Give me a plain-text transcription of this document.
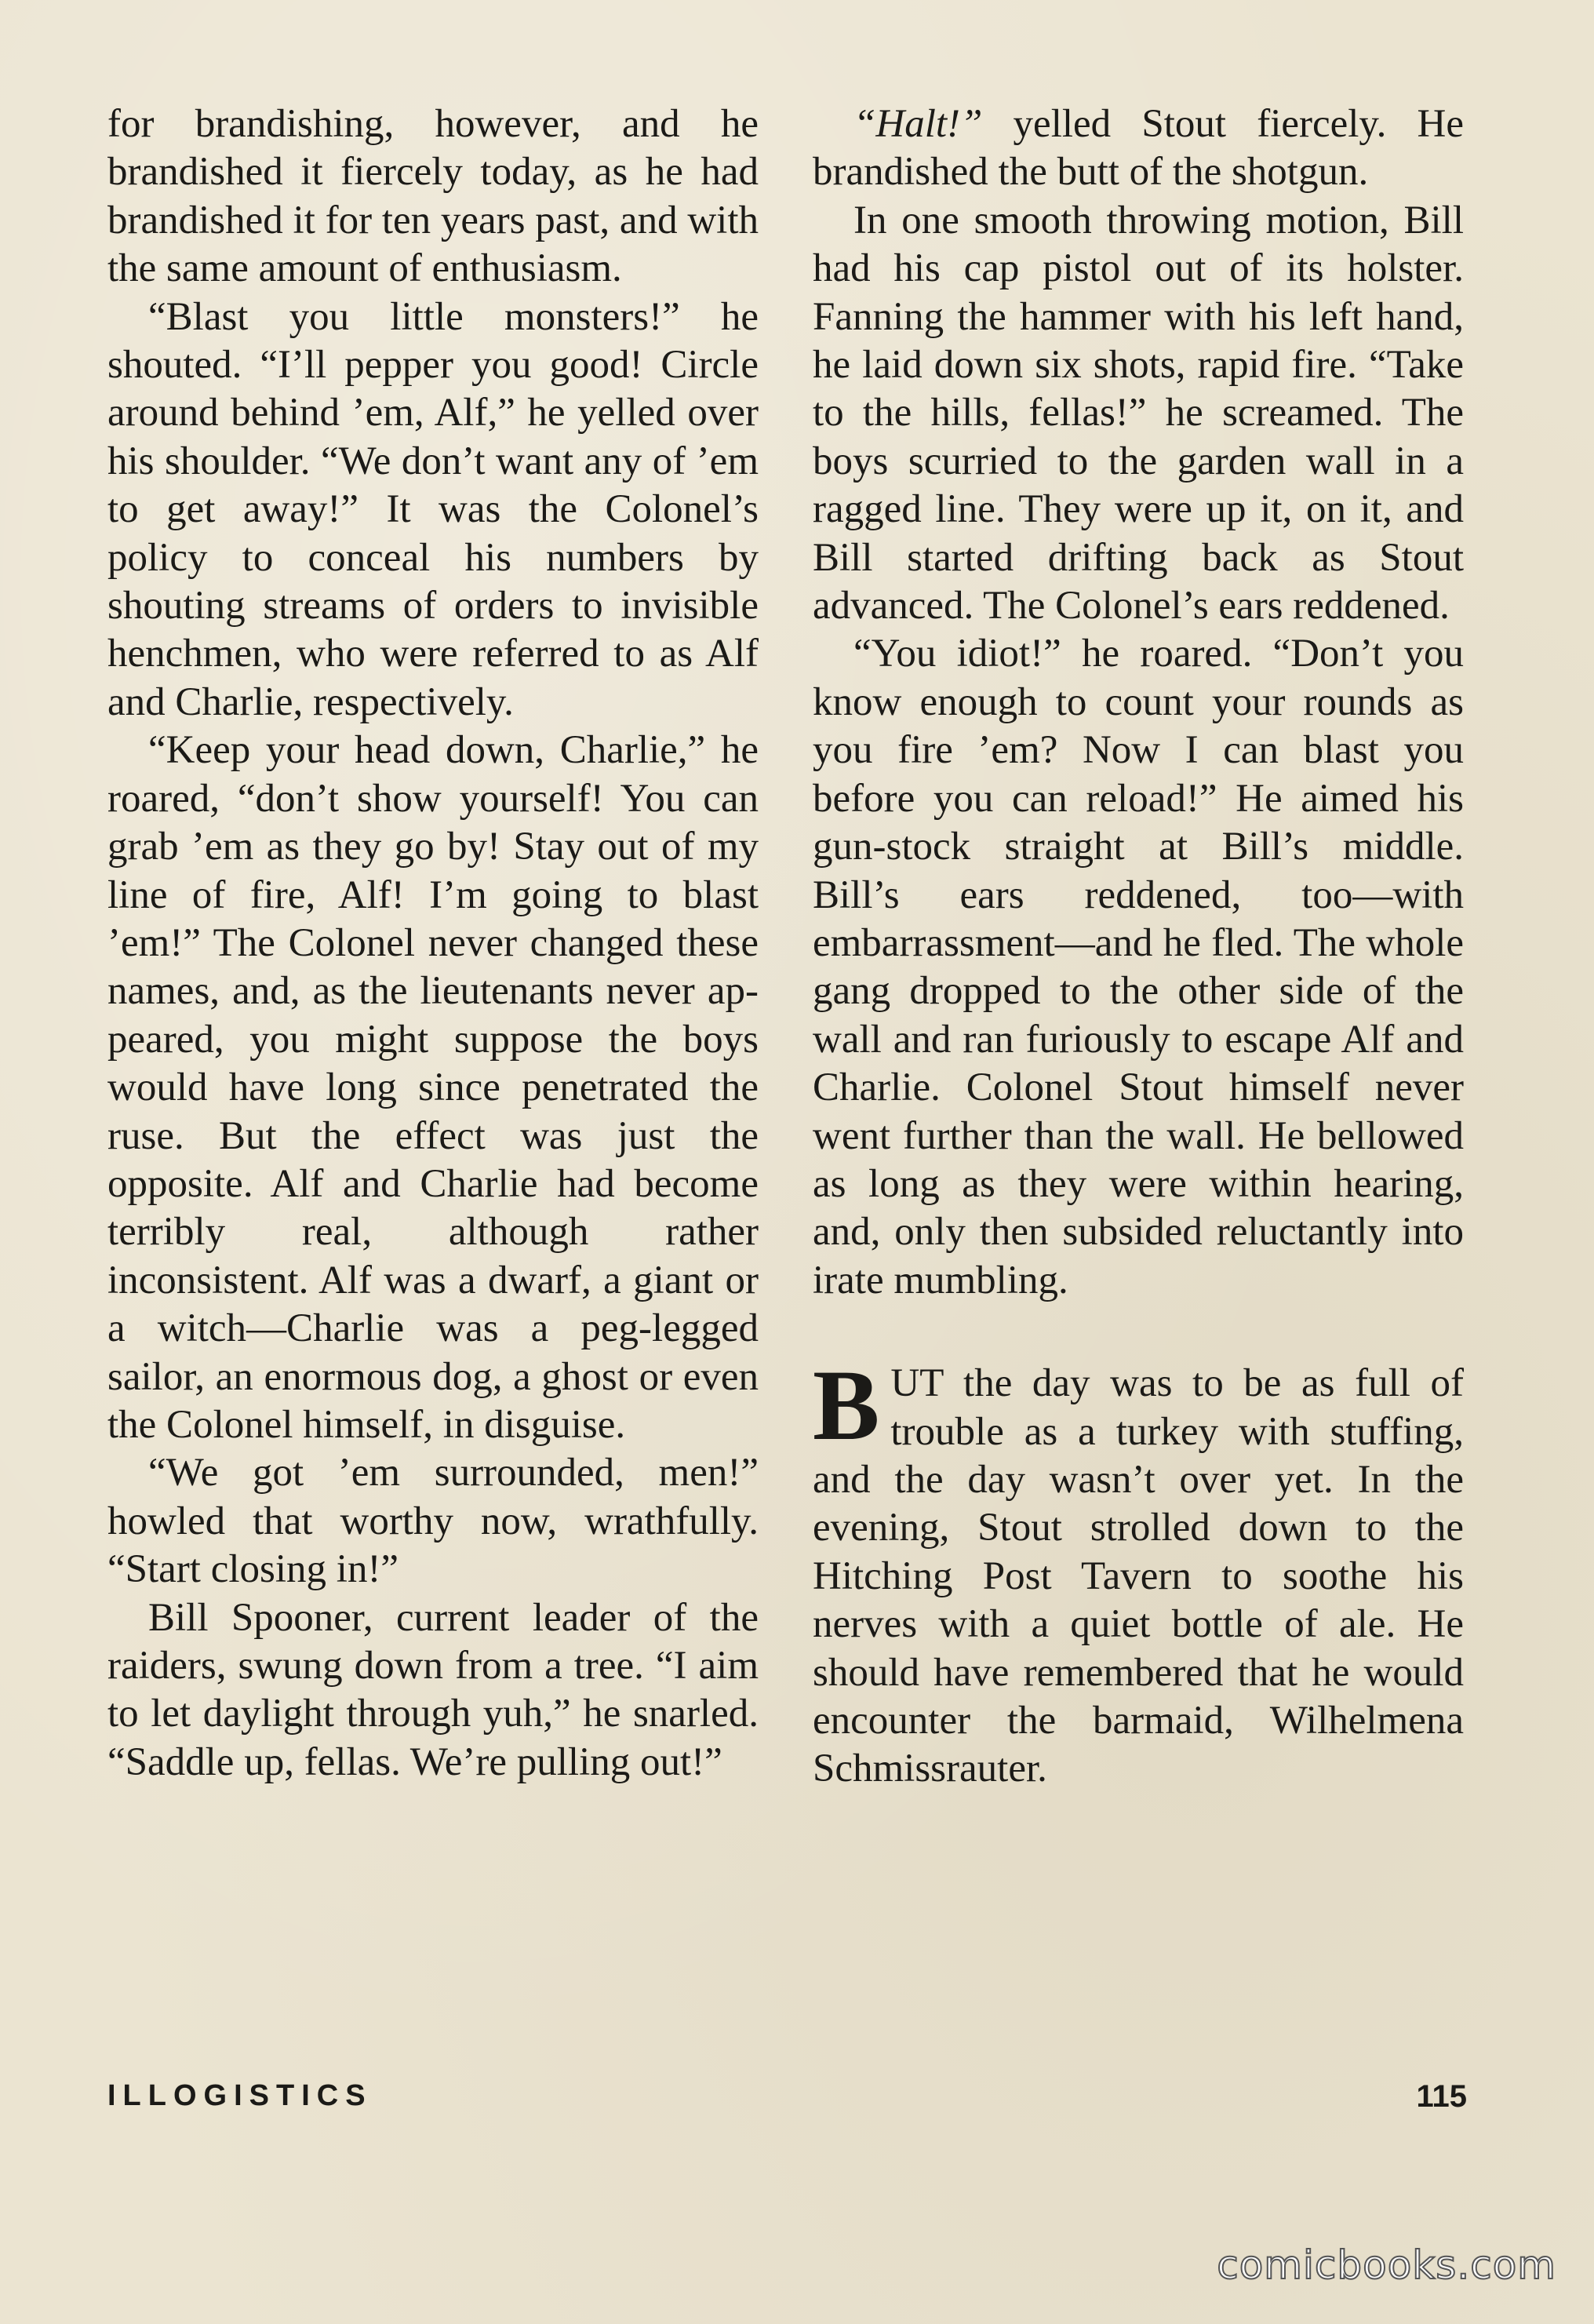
for brandishing, however, and he brandished it fiercely today, as he had brandished it for ten years past, and with the same amount of enthusiasm.

“Blast you little monsters!” he shouted. “I’ll pepper you good! Circle around behind ’em, Alf,” he yelled over his shoulder. “We don’t want any of ’em to get away!” It was the Colonel’s policy to conceal his numbers by shouting streams of orders to invisible henchmen, who were referred to as Alf and Charlie, respectively.

“Keep your head down, Charlie,” he roared, “don’t show yourself! You can grab ’em as they go by! Stay out of my line of fire, Alf! I’m going to blast ’em!” The Colonel never changed these names, and, as the lieutenants never appeared, you might suppose the boys would have long since penetrated the ruse. But the effect was just the opposite. Alf and Charlie had become terribly real, although rather inconsistent. Alf was a dwarf, a giant or a witch—Charlie was a peg-legged sailor, an enormous dog, a ghost or even the Colonel himself, in disguise.

“We got ’em surrounded, men!” howled that worthy now, wrathfully. “Start closing in!”

Bill Spooner, current leader of the raiders, swung down from a tree. “I aim to let daylight through yuh,” he snarled. “Saddle up, fellas. We’re pulling out!”

“Halt!” yelled Stout fiercely. He brandished the butt of the shotgun.

In one smooth throwing motion, Bill had his cap pistol out of its holster. Fanning the hammer with his left hand, he laid down six shots, rapid fire. “Take to the hills, fellas!” he screamed. The boys scurried to the garden wall in a ragged line. They were up it, on it, and Bill started drifting back as Stout advanced. The Colonel’s ears reddened.

“You idiot!” he roared. “Don’t you know enough to count your rounds as you fire ’em? Now I can blast you before you can reload!” He aimed his gun-stock straight at Bill’s middle. Bill’s ears reddened, too—with embarrassment—and he fled. The whole gang dropped to the other side of the wall and ran furiously to escape Alf and Charlie. Colonel Stout himself never went further than the wall. He bellowed as long as they were within hearing, and, only then subsided reluctantly into irate mumbling.

BUT the day was to be as full of trouble as a turkey with stuffing, and the day wasn’t over yet. In the evening, Stout strolled down to the Hitching Post Tavern to soothe his nerves with a quiet bottle of ale. He should have remembered that he would encounter the barmaid, Wilhelmena Schmissrauter.

ILLOGISTICS	115
comicbooks.com
